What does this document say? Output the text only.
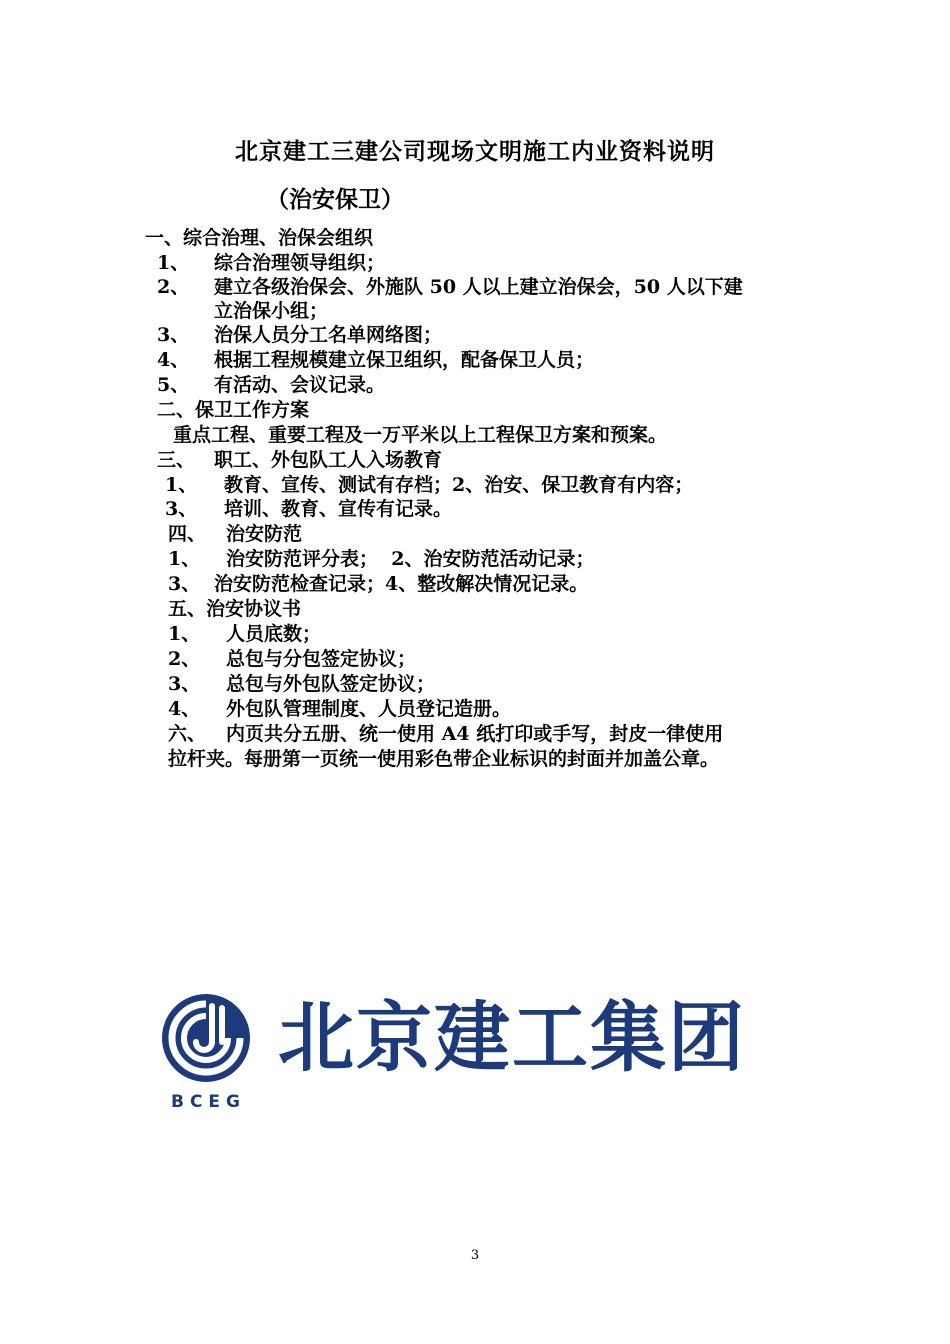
北京建工三建公司现场文明施工内业资料说明
（治安保卫）
一、综合治理、治保会组织
1、 综合治理领导组织；
2、 建立各级治保会、外施队 50 人以上建立治保会，50 人以下建
立治保小组；
3、 治保人员分工名单网络图；
4、 根据工程规模建立保卫组织，配备保卫人员；
5、 有活动、会议记录。
二、保卫工作方案
重点工程、重要工程及一万平米以上工程保卫方案和预案。
三、 职工、外包队工人入场教育
1、 教育、宣传、测试有存档；2、治安、保卫教育有内容；
3、 培训、教育、宣传有记录。
四、 治安防范
1、 治安防范评分表；  2、治安防范活动记录；
3、 治安防范检查记录；4、整改解决情况记录。
五、治安协议书
1、 人员底数；
2、 总包与分包签定协议；
3、 总包与外包队签定协议；
4、 外包队管理制度、人员登记造册。
六、 内页共分五册、统一使用 A4 纸打印或手写，封皮一律使用
拉杆夹。每册第一页统一使用彩色带企业标识的封面并加盖公章。
BCEG
北京建工集团
3
